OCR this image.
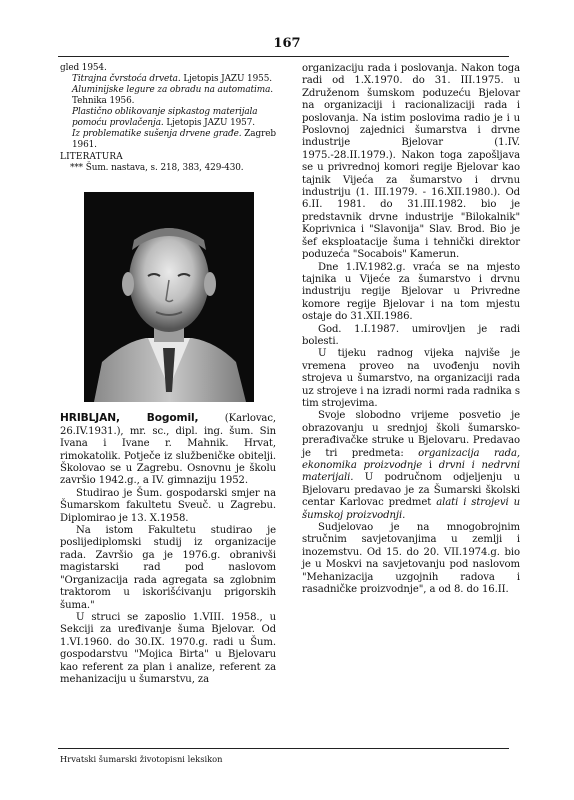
167

gled 1954.

Titrajna čvrstoća drveta. Ljetopis JAZU 1955.

Aluminijske legure za obradu na automatima. Tehnika 1956.

Plastično oblikovanje sipkastog materijala pomoću provlačenja. Ljetopis JAZU 1957.

Iz problematike sušenja drvene građe. Zagreb 1961.

LITERATURA

*** Šum. nastava, s. 218, 383, 429-430.

HRIBLJAN, Bogomil, (Karlovac, 26.IV.1931.), mr. sc., dipl. ing. šum. Sin Ivana i Ivane r. Mahnik. Hrvat, rimokatolik. Potječe iz službeničke obitelji. Školovao se u Zagrebu. Osnovnu je školu završio 1942.g., a IV. gimnaziju 1952.

Studirao je Šum. gospodarski smjer na Šumarskom fakultetu Sveuč. u Zagrebu. Diplomirao je 13. X.1958.

Na istom Fakultetu studirao je poslijediplomski studij iz organizacije rada. Završio ga je 1976.g. obranivši magistarski rad pod naslovom "Organizacija rada agregata sa zglobnim traktorom u iskorišćivanju prigorskih šuma."

U struci se zaposlio 1.VIII. 1958., u Sekciji za uređivanje šuma Bjelovar. Od 1.VI.1960. do 30.IX. 1970.g. radi u Šum. gospodarstvu "Mojica Birta" u Bjelovaru kao referent za plan i analize, referent za mehanizaciju u šumarstvu, za

organizaciju rada i poslovanja. Nakon toga radi od 1.X.1970. do 31. III.1975. u Združenom šumskom poduzeću Bjelovar na organizaciji i racionalizaciji rada i poslovanja. Na istim poslovima radio je i u Poslovnoj zajednici šumarstva i drvne industrije Bjelovar (1.IV. 1975.-28.II.1979.). Nakon toga zapošljava se u privrednoj komori regije Bjelovar kao tajnik Vijeća za šumarstvo i drvnu industriju (1. III.1979. - 16.XII.1980.). Od 6.II. 1981. do 31.III.1982. bio je predstavnik drvne industrije "Bilokalnik" Koprivnica i "Slavonija" Slav. Brod. Bio je šef eksploatacije šuma i tehnički direktor poduzeća "Socabois" Kamerun.

Dne 1.IV.1982.g. vraća se na mjesto tajnika u Vijeće za šumarstvo i drvnu industriju regije Bjelovar u Privredne komore regije Bjelovar i na tom mjestu ostaje do 31.XII.1986.

God. 1.I.1987. umirovljen je radi bolesti.

U tijeku radnog vijeka najviše je vremena proveo na uvođenju novih strojeva u šumarstvo, na organizaciji rada uz strojeve i na izradi normi rada radnika s tim strojevima.

Svoje slobodno vrijeme posvetio je obrazovanju u srednjoj školi šumarsko-prerađivačke struke u Bjelovaru. Predavao je tri predmeta: organizacija rada, ekonomika proizvodnje i drvni i nedrvni materijali. U područnom odjeljenju u Bjelovaru predavao je za Šumarski školski centar Karlovac predmet alati i strojevi u šumskoj proizvodnji.

Sudjelovao je na mnogobrojnim stručnim savjetovanjima u zemlji i inozemstvu. Od 15. do 20. VII.1974.g. bio je u Moskvi na savjetovanju pod naslovom "Mehanizacija uzgojnih radova i rasadničke proizvodnje", a od 8. do 16.II.

Hrvatski šumarski životopisni leksikon
